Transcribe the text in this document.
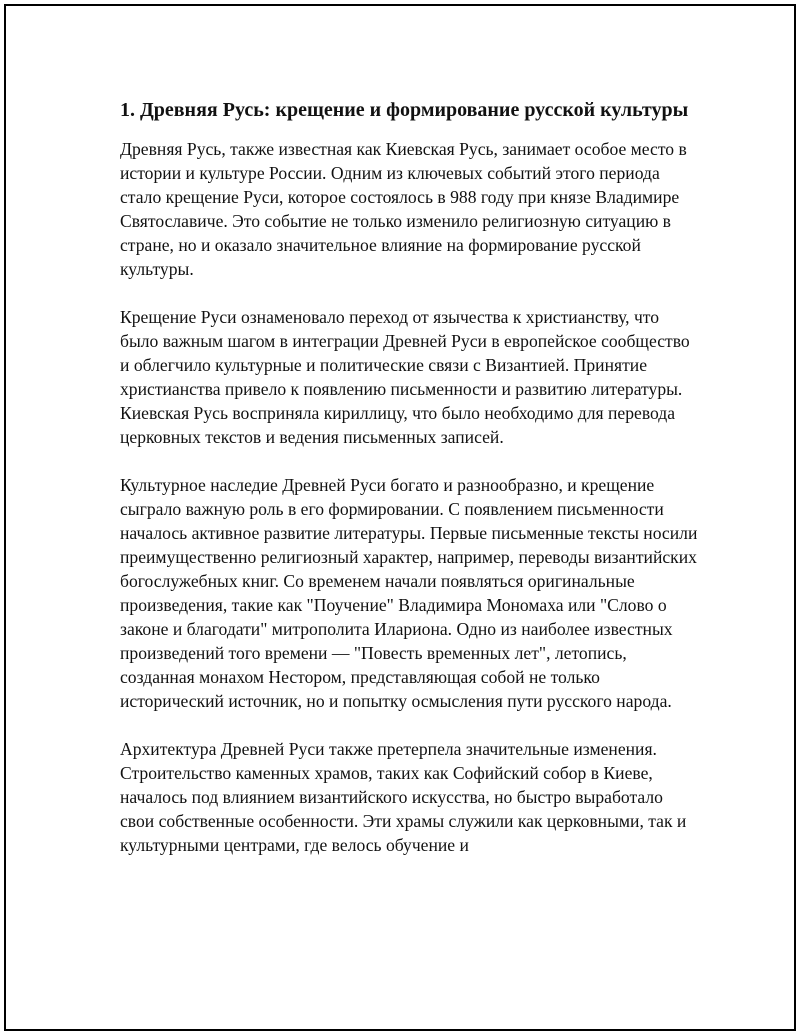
1. Древняя Русь: крещение и формирование русской культуры

Древняя Русь, также известная как Киевская Русь, занимает особое место в истории и культуре России. Одним из ключевых событий этого периода стало крещение Руси, которое состоялось в 988 году при князе Владимире Святославиче. Это событие не только изменило религиозную ситуацию в стране, но и оказало значительное влияние на формирование русской культуры.

Крещение Руси ознаменовало переход от язычества к христианству, что было важным шагом в интеграции Древней Руси в европейское сообщество и облегчило культурные и политические связи с Византией. Принятие христианства привело к появлению письменности и развитию литературы. Киевская Русь восприняла кириллицу, что было необходимо для перевода церковных текстов и ведения письменных записей.

Культурное наследие Древней Руси богато и разнообразно, и крещение сыграло важную роль в его формировании. С появлением письменности началось активное развитие литературы. Первые письменные тексты носили преимущественно религиозный характер, например, переводы византийских богослужебных книг. Со временем начали появляться оригинальные произведения, такие как "Поучение" Владимира Мономаха или "Слово о законе и благодати" митрополита Илариона. Одно из наиболее известных произведений того времени — "Повесть временных лет", летопись, созданная монахом Нестором, представляющая собой не только исторический источник, но и попытку осмысления пути русского народа.

Архитектура Древней Руси также претерпела значительные изменения. Строительство каменных храмов, таких как Софийский собор в Киеве, началось под влиянием византийского искусства, но быстро выработало свои собственные особенности. Эти храмы служили как церковными, так и культурными центрами, где велось обучение и
